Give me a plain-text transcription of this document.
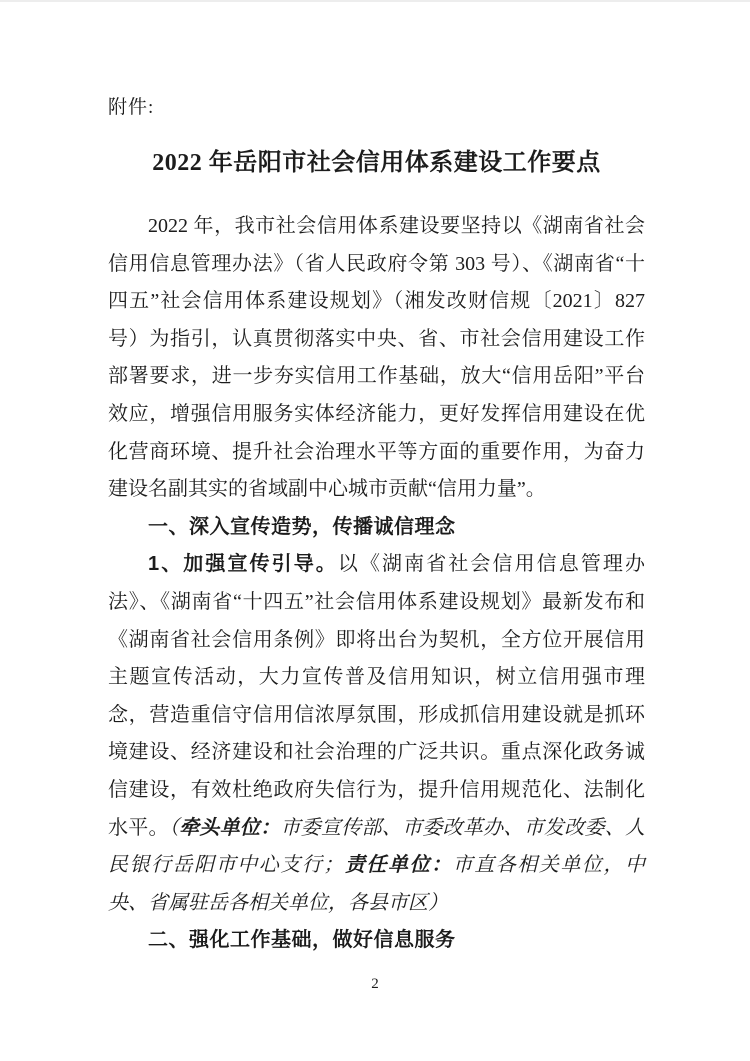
附件:
2022 年岳阳市社会信用体系建设工作要点

2022 年，我市社会信用体系建设要坚持以《湖南省社会信用信息管理办法》（省人民政府令第 303 号）、《湖南省“十四五”社会信用体系建设规划》（湘发改财信规〔2021〕827 号）为指引，认真贯彻落实中央、省、市社会信用建设工作部署要求，进一步夯实信用工作基础，放大“信用岳阳”平台效应，增强信用服务实体经济能力，更好发挥信用建设在优化营商环境、提升社会治理水平等方面的重要作用，为奋力建设名副其实的省域副中心城市贡献“信用力量”。

一、深入宣传造势，传播诚信理念

1、加强宣传引导。以《湖南省社会信用信息管理办法》、《湖南省“十四五”社会信用体系建设规划》最新发布和《湖南省社会信用条例》即将出台为契机，全方位开展信用主题宣传活动，大力宣传普及信用知识，树立信用强市理念，营造重信守信用信浓厚氛围，形成抓信用建设就是抓环境建设、经济建设和社会治理的广泛共识。重点深化政务诚信建设，有效杜绝政府失信行为，提升信用规范化、法制化水平。（牵头单位：市委宣传部、市委改革办、市发改委、人民银行岳阳市中心支行；责任单位：市直各相关单位，中央、省属驻岳各相关单位，各县市区）

二、强化工作基础，做好信息服务
2
